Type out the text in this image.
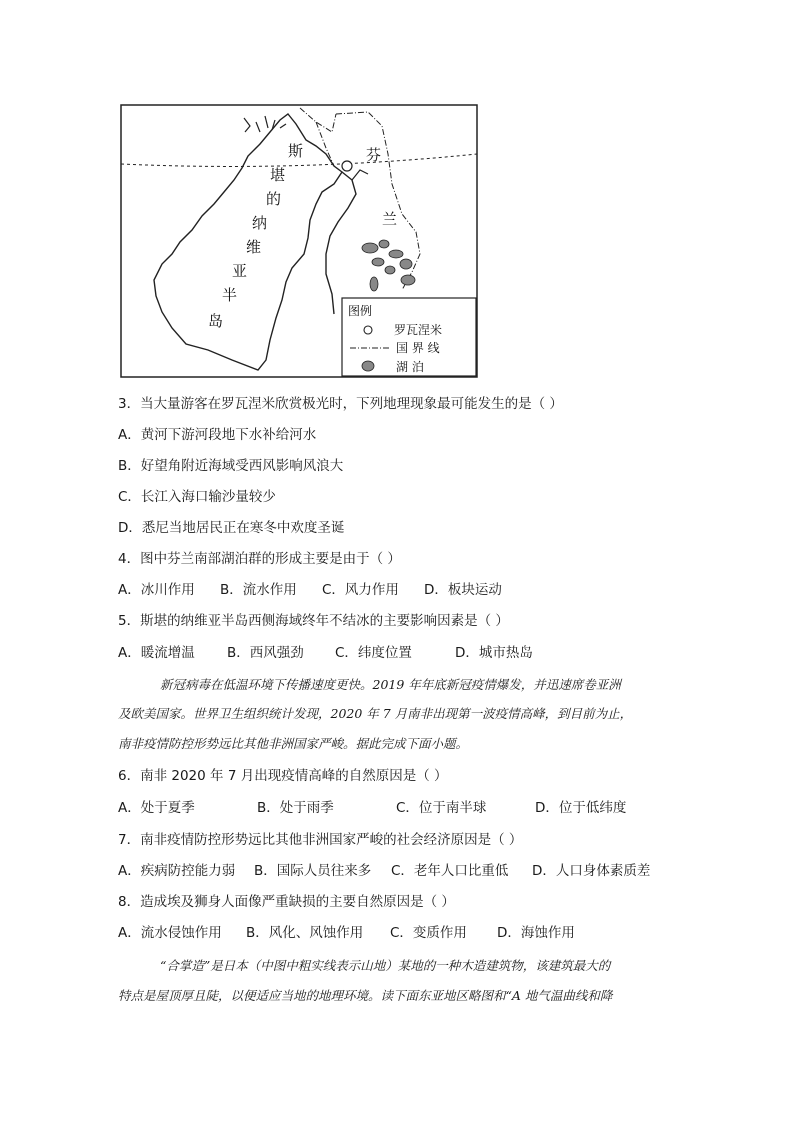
斯
堪
的
纳
维
亚
半
岛
芬
兰
图例
罗瓦涅米
国 界 线
湖 泊
3．当大量游客在罗瓦涅米欣赏极光时，下列地理现象最可能发生的是（ ）
A．黄河下游河段地下水补给河水
B．好望角附近海域受西风影响风浪大
C．长江入海口输沙量较少
D．悉尼当地居民正在寒冬中欢度圣诞
4．图中芬兰南部湖泊群的形成主要是由于（ ）
A．冰川作用 B．流水作用 C．风力作用 D．板块运动
5．斯堪的纳维亚半岛西侧海域终年不结冰的主要影响因素是（ ）
A．暖流增温 B．西风强劲 C．纬度位置	D．城市热岛
新冠病毒在低温环境下传播速度更快。2019 年年底新冠疫情爆发，并迅速席卷亚洲
及欧美国家。世界卫生组织统计发现，2020 年 7 月南非出现第一波疫情高峰，到目前为止，
南非疫情防控形势远比其他非洲国家严峻。据此完成下面小题。
6．南非 2020 年 7 月出现疫情高峰的自然原因是（ ）
A．处于夏季	B．处于雨季	C．位于南半球	D．位于低纬度
7．南非疫情防控形势远比其他非洲国家严峻的社会经济原因是（ ）
A．疾病防控能力弱 B．国际人员往来多 C．老年人口比重低 D．人口身体素质差
8．造成埃及狮身人面像严重缺损的主要自然原因是（ ）
A．流水侵蚀作用 B．风化、风蚀作用 C．变质作用 D．海蚀作用
“合掌造”是日本（中图中粗实线表示山地）某地的一种木造建筑物，该建筑最大的
特点是屋顶厚且陡，以便适应当地的地理环境。读下面东亚地区略图和“A 地气温曲线和降
